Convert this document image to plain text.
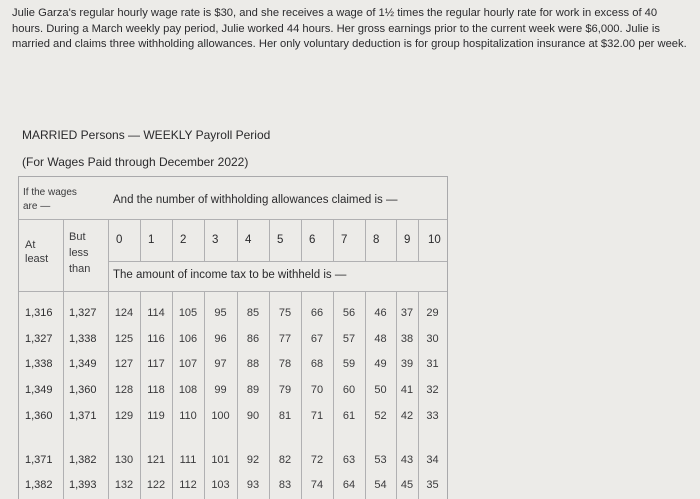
Julie Garza's regular hourly wage rate is $30, and she receives a wage of 1½ times the regular hourly rate for work in excess of 40 hours. During a March weekly pay period, Julie worked 44 hours. Her gross earnings prior to the current week were $6,000. Julie is married and claims three withholding allowances. Her only voluntary deduction is for group hospitalization insurance at $32.00 per week.
MARRIED Persons — WEEKLY Payroll Period
(For Wages Paid through December 2022)
If the wages
are —
And the number of withholding allowances claimed is —
At
least
But
less
than
0 1 2 3 4 5 6 7 8 9 10
The amount of income tax to be withheld is —
1,316 1,327	124	114	105	95	85	75	66	56	46	37	29
1,327 1,338	125	116	106	96	86	77	67	57	48	38	30
1,338 1,349	127	117	107	97	88	78	68	59	49	39	31
1,349 1,360	128	118	108	99	89	79	70	60	50	41	32
1,360 1,371	129	119	110	100	90	81	71	61	52	42	33
1,371 1,382	130	121	111	101	92	82	72	63	53	43	34
1,382 1,393	132	122	112	103	93	83	74	64	54	45	35
